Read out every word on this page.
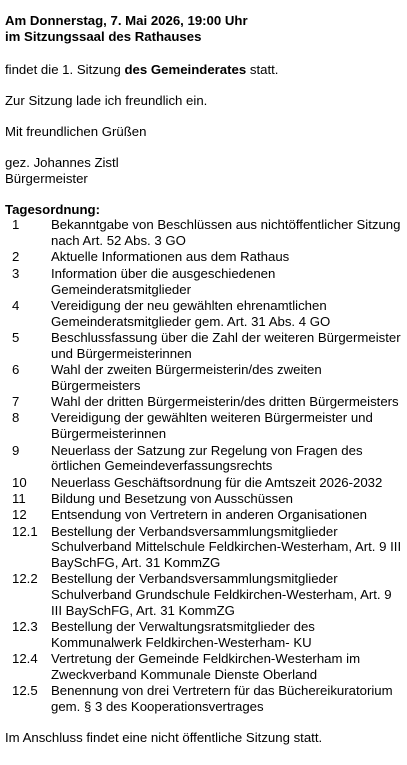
Am Donnerstag, 7. Mai 2026, 19:00 Uhr

im Sitzungssaal des Rathauses

findet die 1. Sitzung des Gemeinderates statt.

Zur Sitzung lade ich freundlich ein.

Mit freundlichen Grüßen

gez. Johannes Zistl

Bürgermeister

Tagesordnung:

1	Bekanntgabe von Beschlüssen aus nichtöffentlicher Sitzung nach Art. 52 Abs. 3 GO
2	Aktuelle Informationen aus dem Rathaus
3	Information über die ausgeschiedenen Gemeinderatsmitglieder
4	Vereidigung der neu gewählten ehrenamtlichen Gemeinderatsmitglieder gem. Art. 31 Abs. 4 GO
5	Beschlussfassung über die Zahl der weiteren Bürgermeister und Bürgermeisterinnen
6	Wahl der zweiten Bürgermeisterin/des zweiten Bürgermeisters
7	Wahl der dritten Bürgermeisterin/des dritten Bürgermeisters
8	Vereidigung der gewählten weiteren Bürgermeister und Bürgermeisterinnen
9	Neuerlass der Satzung zur Regelung von Fragen des örtlichen Gemeindeverfassungsrechts
10	Neuerlass Geschäftsordnung für die Amtszeit 2026-2032
11	Bildung und Besetzung von Ausschüssen
12	Entsendung von Vertretern in anderen Organisationen
12.1	Bestellung der Verbandsversammlungsmitglieder Schulverband Mittelschule Feldkirchen-Westerham, Art. 9 III BaySchFG, Art. 31 KommZG
12.2	Bestellung der Verbandsversammlungsmitglieder Schulverband Grundschule Feldkirchen-Westerham, Art. 9 III BaySchFG, Art. 31 KommZG
12.3	Bestellung der Verwaltungsratsmitglieder des Kommunalwerk Feldkirchen-Westerham- KU
12.4	Vertretung der Gemeinde Feldkirchen-Westerham im Zweckverband Kommunale Dienste Oberland
12.5	Benennung von drei Vertretern für das Büchereikuratorium gem. § 3 des Kooperationsvertrages

Im Anschluss findet eine nicht öffentliche Sitzung statt.
